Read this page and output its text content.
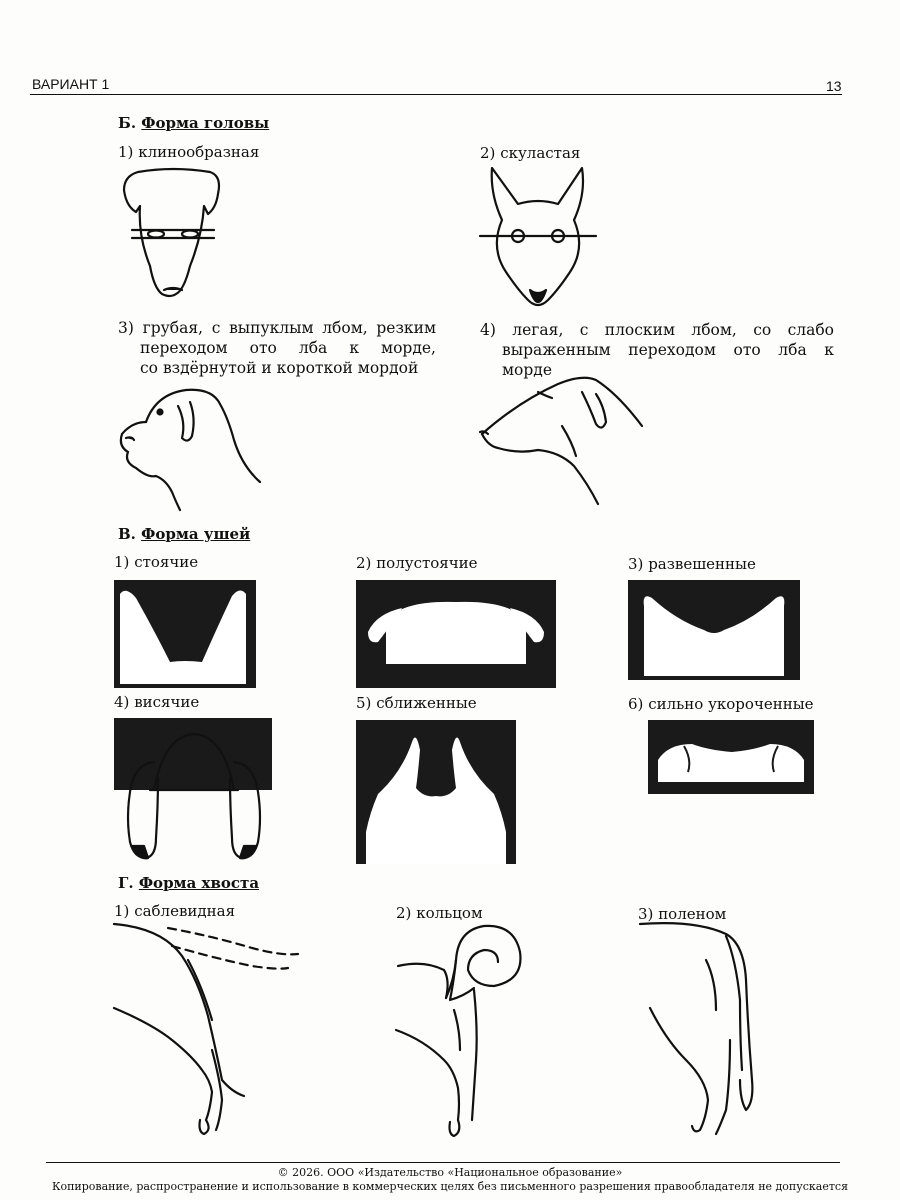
ВАРИАНТ 1	13
Б. Форма головы
1) клинообразная	2) скуластая
3) грубая, с выпуклым лбом, резким
переходом ото лба к морде,
со вздёрнутой и короткой мордой
4) легая, с плоским лбом, со слабо
выраженным переходом ото лба к морде
В. Форма ушей
1) стоячие	2) полустоячие	3) развешенные
4) висячие	5) сближенные	6) сильно укороченные
Г. Форма хвоста
1) саблевидная	2) кольцом	3) поленом
© 2026. ООО «Издательство «Национальное образование»
Копирование, распространение и использование в коммерческих целях без письменного разрешения правообладателя не допускается
